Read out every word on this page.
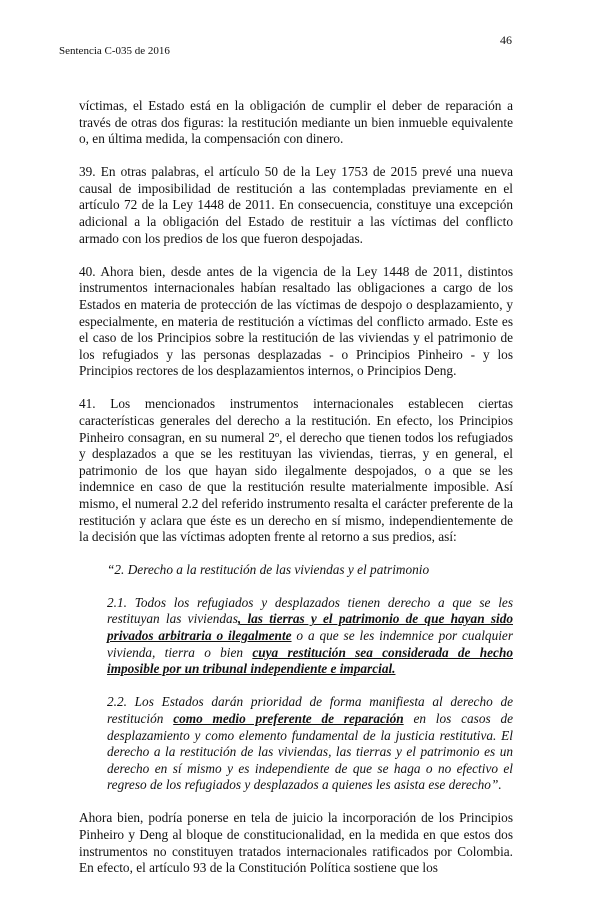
46
Sentencia C-035 de 2016

víctimas, el Estado está en la obligación de cumplir el deber de reparación a través de otras dos figuras: la restitución mediante un bien inmueble equivalente o, en última medida, la compensación con dinero.

39. En otras palabras, el artículo 50 de la Ley 1753 de 2015 prevé una nueva causal de imposibilidad de restitución a las contempladas previamente en el artículo 72 de la Ley 1448 de 2011. En consecuencia, constituye una excepción adicional a la obligación del Estado de restituir a las víctimas del conflicto armado con los predios de los que fueron despojadas.

40. Ahora bien, desde antes de la vigencia de la Ley 1448 de 2011, distintos instrumentos internacionales habían resaltado las obligaciones a cargo de los Estados en materia de protección de las víctimas de despojo o desplazamiento, y especialmente, en materia de restitución a víctimas del conflicto armado. Este es el caso de los Principios sobre la restitución de las viviendas y el patrimonio de los refugiados y las personas desplazadas - o Principios Pinheiro - y los Principios rectores de los desplazamientos internos, o Principios Deng.

41. Los mencionados instrumentos internacionales establecen ciertas características generales del derecho a la restitución. En efecto, los Principios Pinheiro consagran, en su numeral 2º, el derecho que tienen todos los refugiados y desplazados a que se les restituyan las viviendas, tierras, y en general, el patrimonio de los que hayan sido ilegalmente despojados, o a que se les indemnice en caso de que la restitución resulte materialmente imposible. Así mismo, el numeral 2.2 del referido instrumento resalta el carácter preferente de la restitución y aclara que éste es un derecho en sí mismo, independientemente de la decisión que las víctimas adopten frente al retorno a sus predios, así:

“2. Derecho a la restitución de las viviendas y el patrimonio

2.1. Todos los refugiados y desplazados tienen derecho a que se les restituyan las viviendas, las tierras y el patrimonio de que hayan sido privados arbitraria o ilegalmente o a que se les indemnice por cualquier vivienda, tierra o bien cuya restitución sea considerada de hecho imposible por un tribunal independiente e imparcial.

2.2. Los Estados darán prioridad de forma manifiesta al derecho de restitución como medio preferente de reparación en los casos de desplazamiento y como elemento fundamental de la justicia restitutiva. El derecho a la restitución de las viviendas, las tierras y el patrimonio es un derecho en sí mismo y es independiente de que se haga o no efectivo el regreso de los refugiados y desplazados a quienes les asista ese derecho”.

Ahora bien, podría ponerse en tela de juicio la incorporación de los Principios Pinheiro y Deng al bloque de constitucionalidad, en la medida en que estos dos instrumentos no constituyen tratados internacionales ratificados por Colombia. En efecto, el artículo 93 de la Constitución Política sostiene que los
